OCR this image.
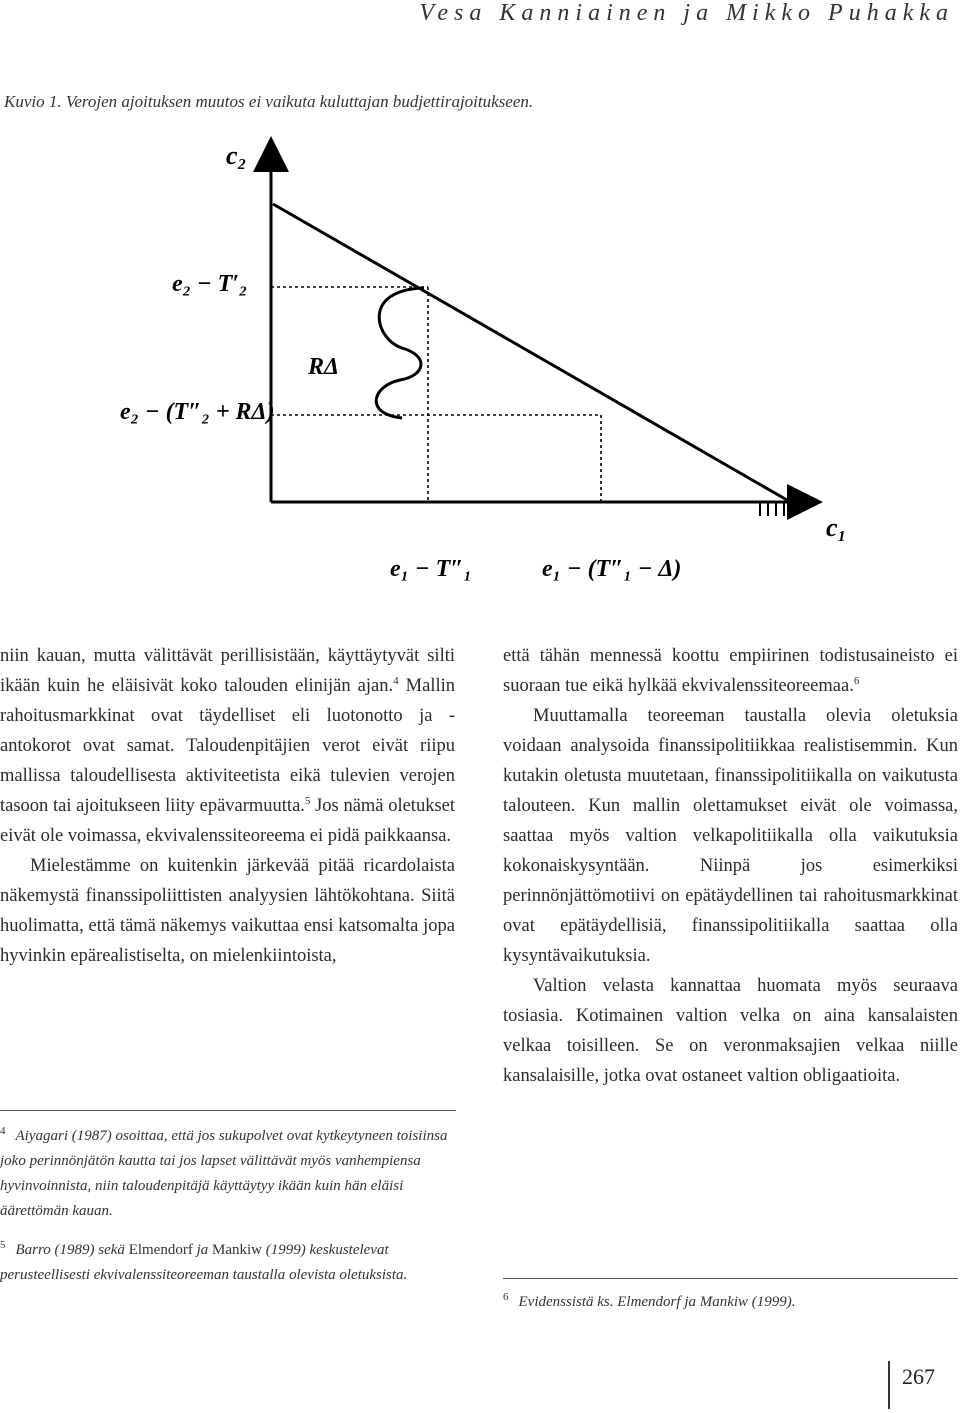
Vesa Kanniainen ja Mikko Puhakka
Kuvio 1. Verojen ajoituksen muutos ei vaikuta kuluttajan budjettirajoitukseen.
c₂
c₁
e₂ − T′₂
RΔ
e₂ − (T″₂ + RΔ)
e₁ − T″₁	e₁ − (T″₁ − Δ)

niin kauan, mutta välittävät perillisistään, käyttäytyvät silti ikään kuin he eläisivät koko talouden elinijän ajan.$^4$ Mallin rahoitusmarkkinat ovat täydelliset eli luotonotto ja -antokorot ovat samat. Taloudenpitäjien verot eivät riipu mallissa taloudellisesta aktiviteetista eikä tulevien verojen tasoon tai ajoitukseen liity epävarmuutta.$^5$ Jos nämä oletukset eivät ole voimassa, ekvivalenssiteoreema ei pidä paikkaansa.

Mielestämme on kuitenkin järkevää pitää ricardolaista näkemystä finanssipoliittisten analyysien lähtökohtana. Siitä huolimatta, että tämä näkemys vaikuttaa ensi katsomalta jopa hyvinkin epärealistiselta, on mielenkiintoista,

että tähän mennessä koottu empiirinen todistusaineisto ei suoraan tue eikä hylkää ekvivalenssiteoreemaa.$^6$

Muuttamalla teoreeman taustalla olevia oletuksia voidaan analysoida finanssipolitiikkaa realistisemmin. Kun kutakin oletusta muutetaan, finanssipolitiikalla on vaikutusta talouteen. Kun mallin olettamukset eivät ole voimassa, saattaa myös valtion velkapolitiikalla olla vaikutuksia kokonaiskysyntään. Niinpä jos esimerkiksi perinnönjättömotiivi on epätäydellinen tai rahoitusmarkkinat ovat epätäydellisiä, finanssipolitiikalla saattaa olla kysyntävaikutuksia.

Valtion velasta kannattaa huomata myös seuraava tosiasia. Kotimainen valtion velka on aina kansalaisten velkaa toisilleen. Se on veronmaksajien velkaa niille kansalaisille, jotka ovat ostaneet valtion obligaatioita.

$^4$ Aiyagari (1987) osoittaa, että jos sukupolvet ovat kytkeytyneen toisiinsa joko perinnönjätön kautta tai jos lapset välittävät myös vanhempiensa hyvinvoinnista, niin taloudenpitäjä käyttäytyy ikään kuin hän eläisi äärettömän kauan.
$^5$ Barro (1989) sekä Elmendorf ja Mankiw (1999) keskustelevat perusteellisesti ekvivalenssiteoreeman taustalla olevista oletuksista.
$^6$ Evidenssistä ks. Elmendorf ja Mankiw (1999).
267
